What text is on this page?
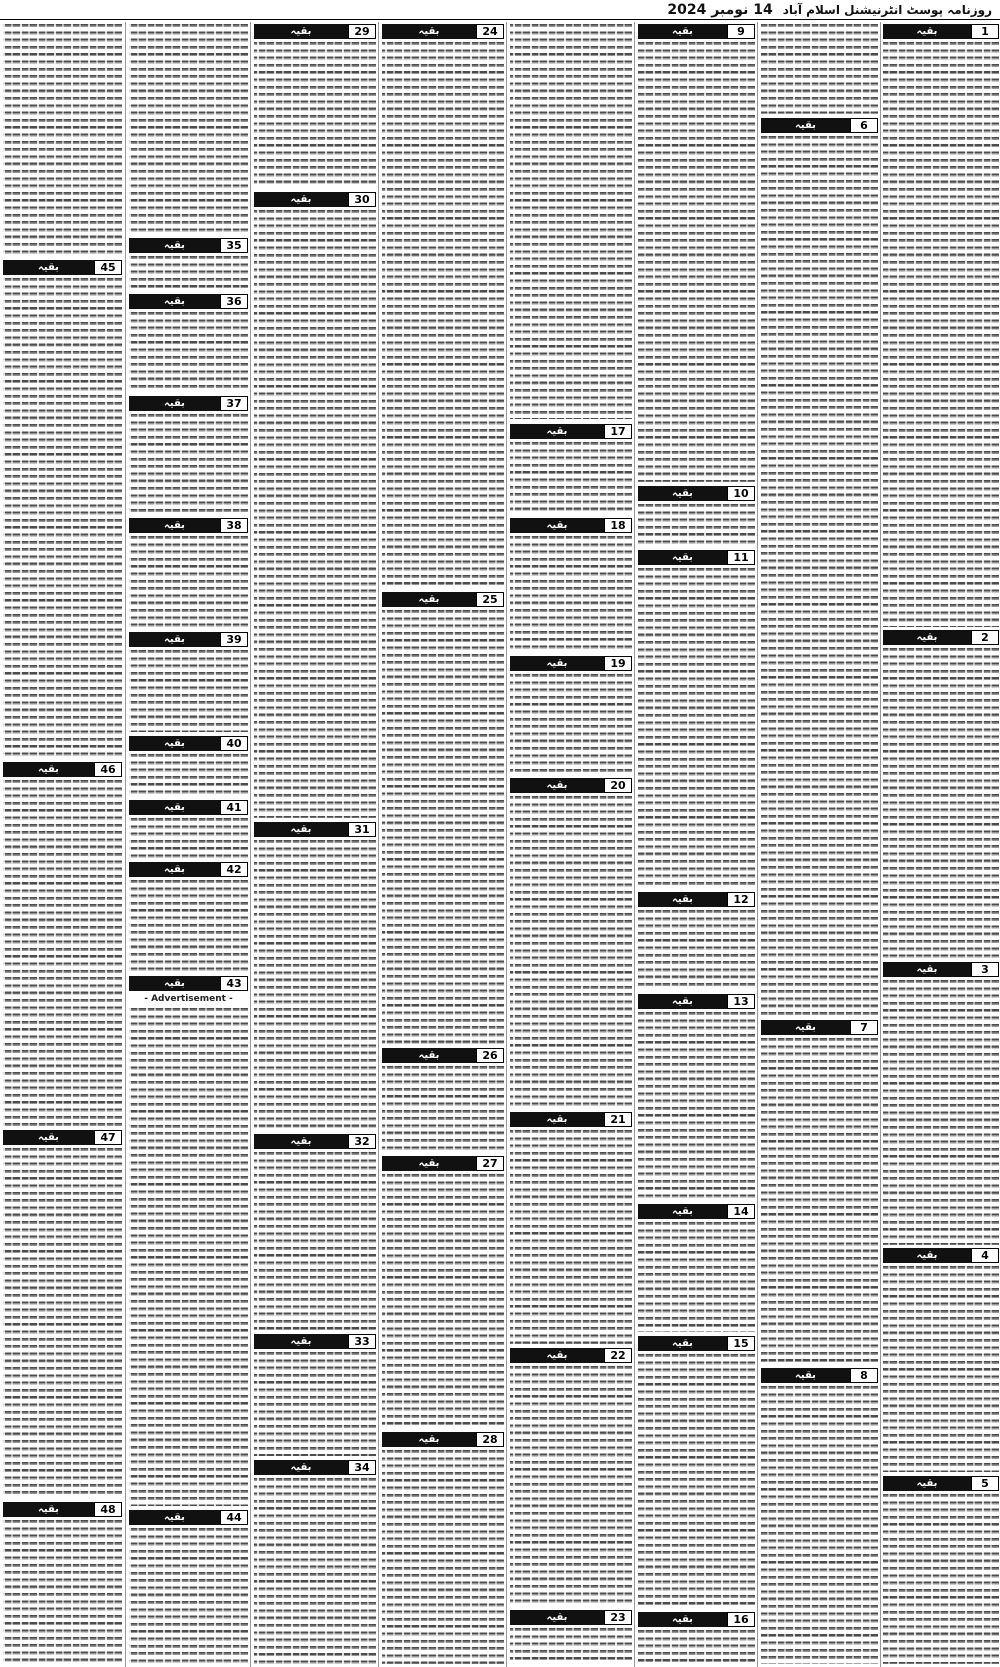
روزنامہ پوسٹ انٹرنیشنل اسلام آباد
14 نومبر 2024
بقیہ	1
بقیہ	2
بقیہ	3
بقیہ	4
بقیہ	5
بقیہ	6
بقیہ	7
بقیہ	8
بقیہ	9
بقیہ	10
بقیہ	11
بقیہ	12
بقیہ	13
بقیہ	14
بقیہ	15
بقیہ	16
بقیہ	17
بقیہ	18
بقیہ	19
بقیہ	20
بقیہ	21
بقیہ	22
بقیہ	23
بقیہ	24
بقیہ	25
بقیہ	26
بقیہ	27
بقیہ	28
بقیہ	29
بقیہ	30
بقیہ	31
بقیہ	32
بقیہ	33
بقیہ	34
بقیہ	35
بقیہ	36
بقیہ	37
بقیہ	38
بقیہ	39
بقیہ	40
بقیہ	41
بقیہ	42
بقیہ	43
- Advertisement -
بقیہ	44
بقیہ	45
بقیہ	46
بقیہ	47
بقیہ	48
